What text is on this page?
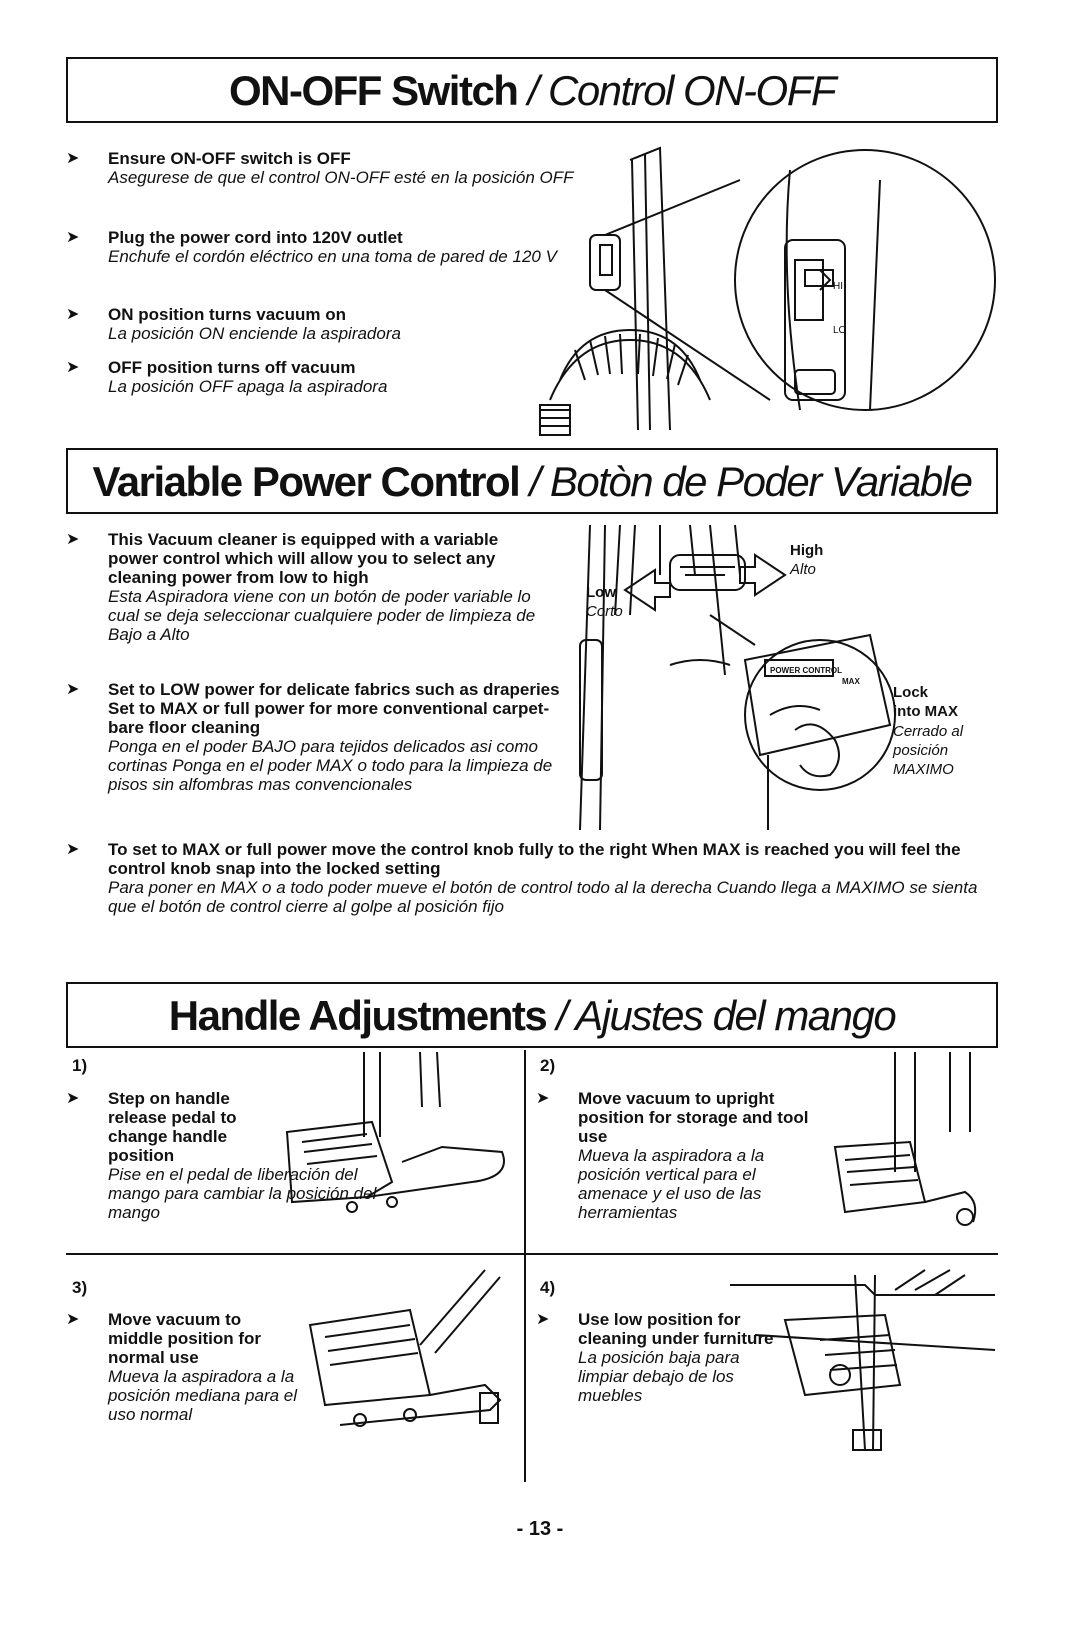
ON-OFF Switch / Control ON-OFF
➤ Ensure ON-OFF switch is OFF
Asegurese de que el control ON-OFF esté en la posición OFF
➤ Plug the power cord into 120V outlet
Enchufe el cordón eléctrico en una toma de pared de 120 V
➤ ON position turns vacuum on
La posición ON enciende la aspiradora
➤ OFF position turns off vacuum
La posición OFF apaga la aspiradora
HI
LO
Variable Power Control / Botòn de Poder Variable
➤ This Vacuum cleaner is equipped with a variable power control which will allow you to select any cleaning power from low to high
Esta Aspiradora viene con un botón de poder variable lo cual se deja seleccionar cualquiere poder de limpieza de Bajo a Alto
➤ Set to LOW power for delicate fabrics such as draperies Set to MAX or full power for more conventional carpet-bare floor cleaning
Ponga en el poder BAJO para tejidos delicados asi como cortinas Ponga en el poder MAX o todo para la limpieza de pisos sin alfombras mas convencionales
➤ To set to MAX or full power move the control knob fully to the right When MAX is reached you will feel the control knob snap into the locked setting
Para poner en MAX o a todo poder mueve el botón de control todo al la derecha Cuando llega a MAXIMO se sienta que el botón de control cierre al golpe al posición fijo
High
Alto
Low
Corto
POWER CONTROL
MAX
Lock
into MAX
Cerrado al
posición
MAXIMO
Handle Adjustments / Ajustes del mango
1)
➤ Step on handle release pedal to change handle position
Pise en el pedal de liberación del mango para cambiar la posición del mango
2)
➤ Move vacuum to upright position for storage and tool use
Mueva la aspiradora a la posición vertical para el amenace y el uso de las herramientas
3)
➤ Move vacuum to middle position for normal use
Mueva la aspiradora a la posición mediana para el uso normal
4)
➤ Use low position for cleaning under furniture
La posición baja para limpiar debajo de los muebles
- 13 -
